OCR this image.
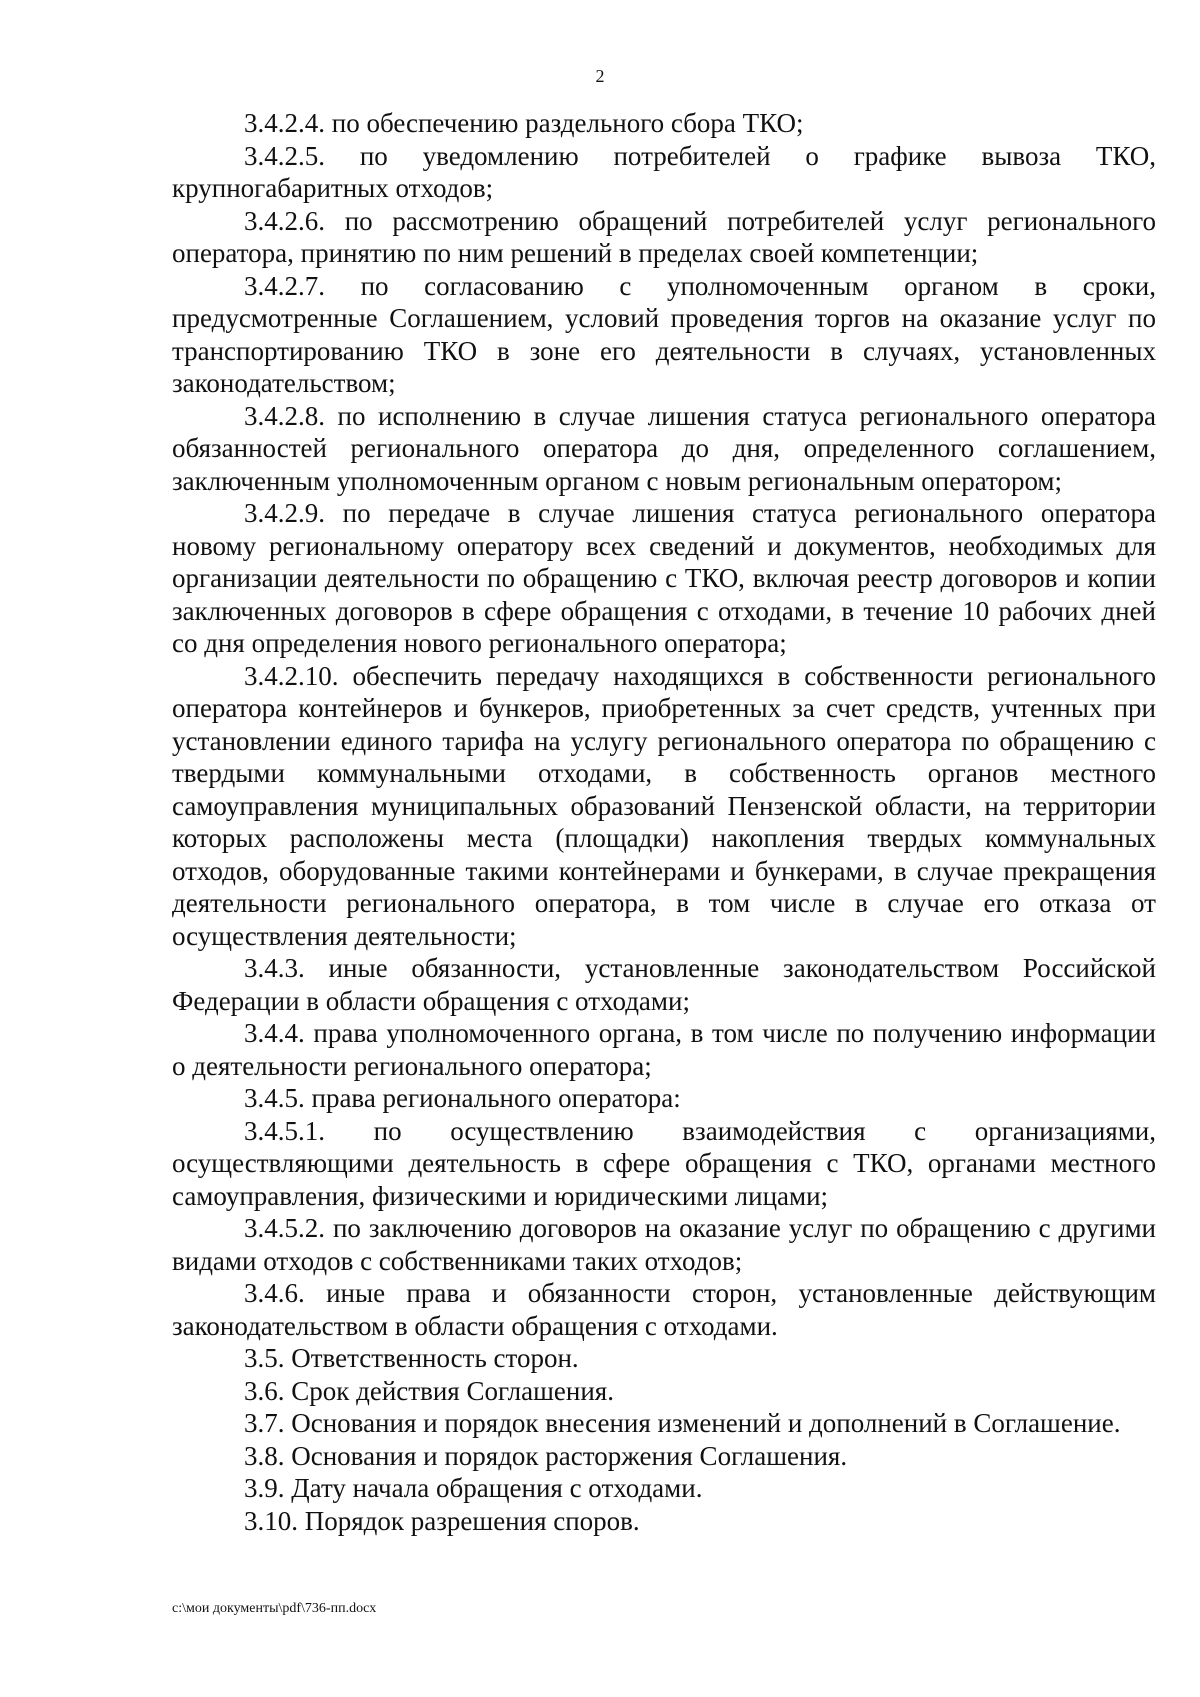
2

3.4.2.4. по обеспечению раздельного сбора ТКО;

3.4.2.5. по уведомлению потребителей о графике вывоза ТКО, крупногабаритных отходов;

3.4.2.6. по рассмотрению обращений потребителей услуг регионального оператора, принятию по ним решений в пределах своей компетенции;

3.4.2.7. по согласованию с уполномоченным органом в сроки, предусмотренные Соглашением, условий проведения торгов на оказание услуг по транспортированию ТКО в зоне его деятельности в случаях, установленных законодательством;

3.4.2.8. по исполнению в случае лишения статуса регионального оператора обязанностей регионального оператора до дня, определенного соглашением, заключенным уполномоченным органом с новым региональным оператором;

3.4.2.9. по передаче в случае лишения статуса регионального оператора новому региональному оператору всех сведений и документов, необходимых для организации деятельности по обращению с ТКО, включая реестр договоров и копии заключенных договоров в сфере обращения с отходами, в течение 10 рабочих дней со дня определения нового регионального оператора;

3.4.2.10. обеспечить передачу находящихся в собственности регионального оператора контейнеров и бункеров, приобретенных за счет средств, учтенных при установлении единого тарифа на услугу регионального оператора по обращению с твердыми коммунальными отходами, в собственность органов местного самоуправления муниципальных образований Пензенской области, на территории которых расположены места (площадки) накопления твердых коммунальных отходов, оборудованные такими контейнерами и бункерами, в случае прекращения деятельности регионального оператора, в том числе в случае его отказа от осуществления деятельности;

3.4.3. иные обязанности, установленные законодательством Российской Федерации в области обращения с отходами;

3.4.4. права уполномоченного органа, в том числе по получению информации о деятельности регионального оператора;

3.4.5. права регионального оператора:

3.4.5.1. по осуществлению взаимодействия с организациями, осуществляющими деятельность в сфере обращения с ТКО, органами местного самоуправления, физическими и юридическими лицами;

3.4.5.2. по заключению договоров на оказание услуг по обращению с другими видами отходов с собственниками таких отходов;

3.4.6. иные права и обязанности сторон, установленные действующим законодательством в области обращения с отходами.

3.5. Ответственность сторон.

3.6. Срок действия Соглашения.

3.7. Основания и порядок внесения изменений и дополнений в Соглашение.

3.8. Основания и порядок расторжения Соглашения.

3.9. Дату начала обращения с отходами.

3.10. Порядок разрешения споров.

c:\мои документы\pdf\736-пп.docx
